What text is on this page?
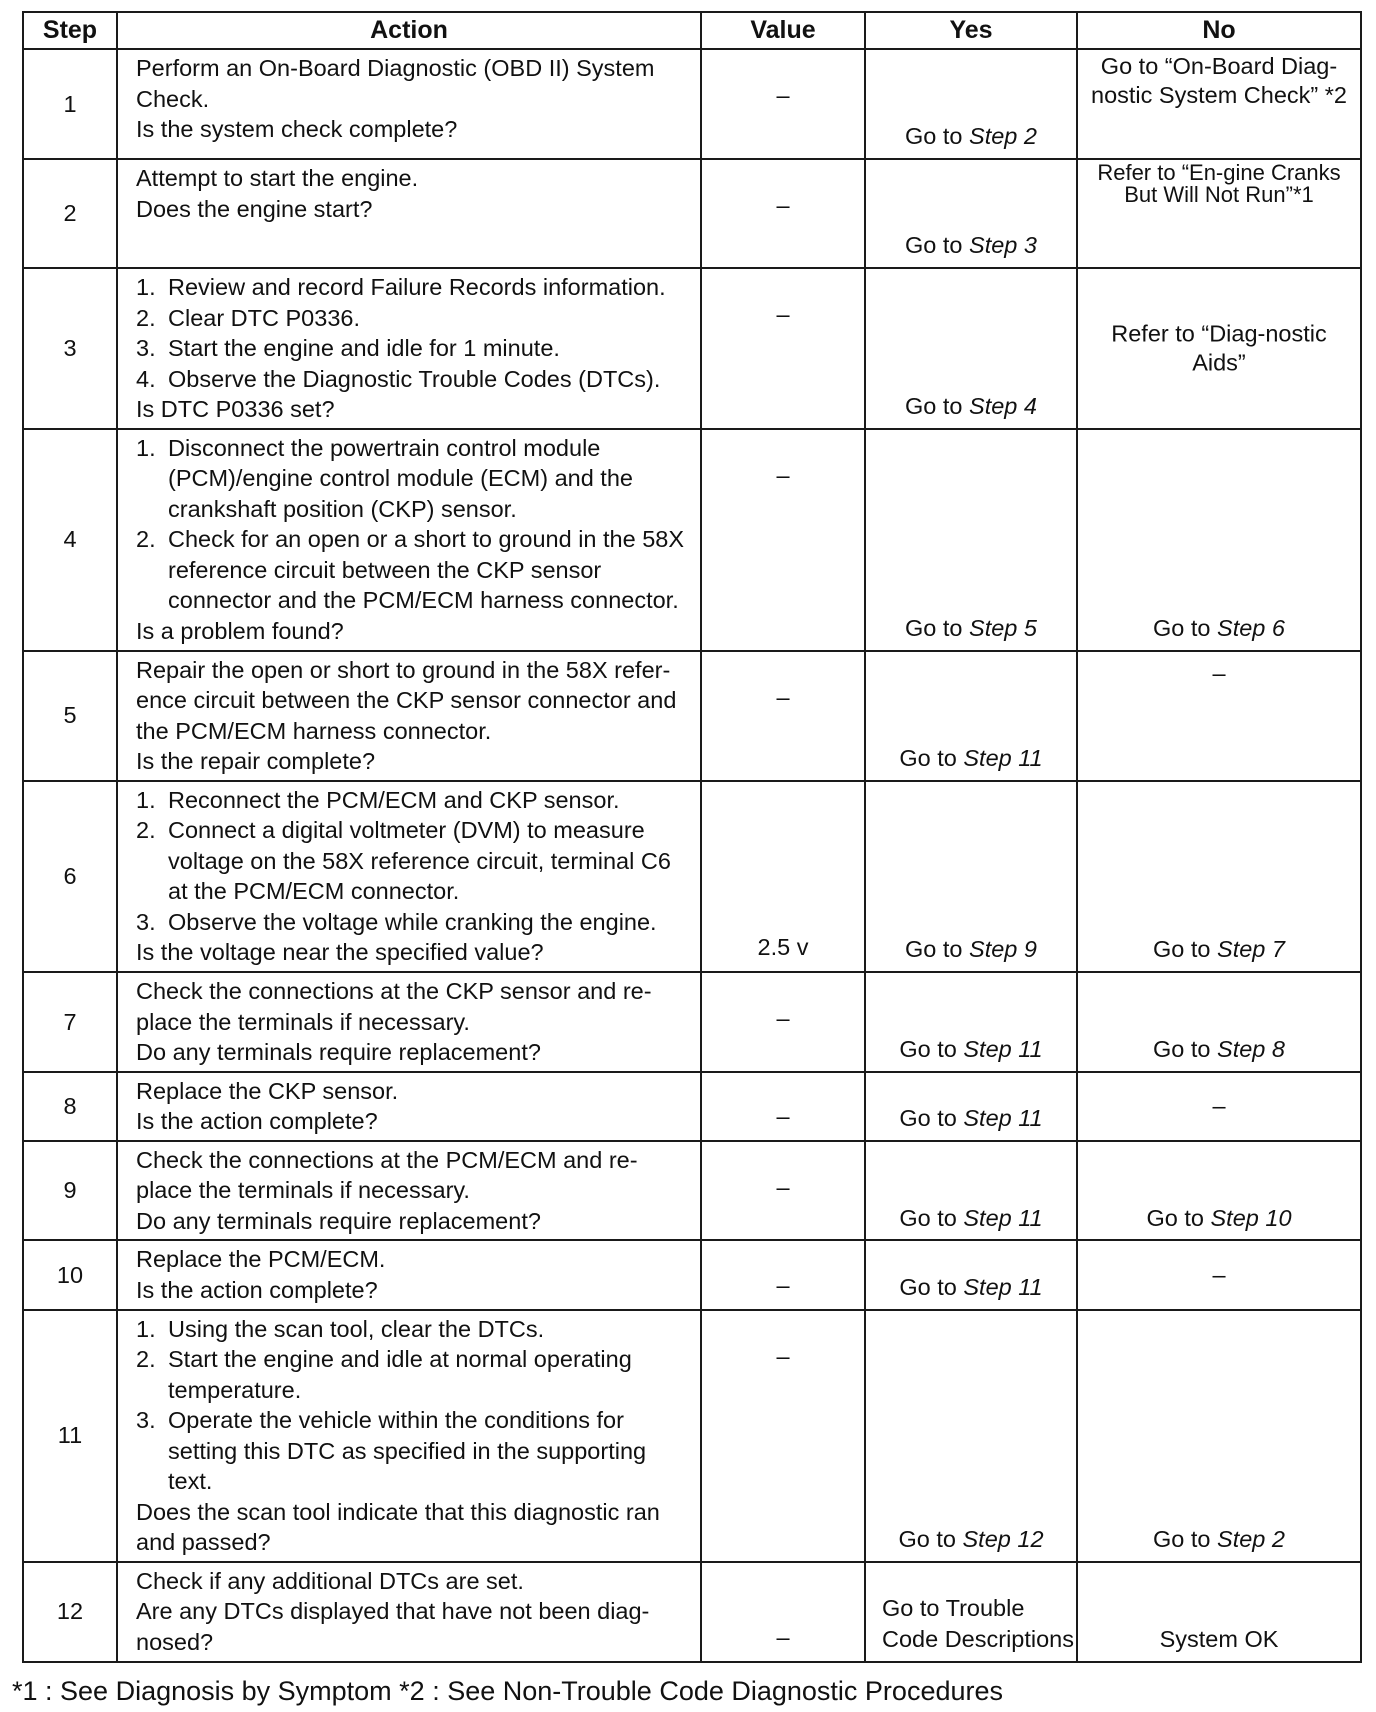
Step	Action	Value	Yes	No
1	Perform an On-Board Diagnostic (OBD II) System Check.
Is the system check complete?	–	Go to Step 2	Go to “On-Board Diag-nostic System Check” *2

2	Attempt to start the engine.
Does the engine start?	–	Go to Step 3	Refer to “En-gine Cranks But Will Not Run”*1

3	1. Review and record Failure Records information.
2. Clear DTC P0336.
3. Start the engine and idle for 1 minute.
4. Observe the Diagnostic Trouble Codes (DTCs).
Is DTC P0336 set?	–	Go to Step 4	Refer to “Diag-nostic Aids”

4	1. Disconnect the powertrain control module (PCM)/engine control module (ECM) and the crankshaft position (CKP) sensor.
2. Check for an open or a short to ground in the 58X reference circuit between the CKP sensor connector and the PCM/ECM harness connector.
Is a problem found?	–	Go to Step 5	Go to Step 6

5	Repair the open or short to ground in the 58X refer-ence circuit between the CKP sensor connector and the PCM/ECM harness connector.
Is the repair complete?	–	Go to Step 11	–

6	1. Reconnect the PCM/ECM and CKP sensor.
2. Connect a digital voltmeter (DVM) to measure voltage on the 58X reference circuit, terminal C6 at the PCM/ECM connector.
3. Observe the voltage while cranking the engine.
Is the voltage near the specified value?	2.5 v	Go to Step 9	Go to Step 7

7	Check the connections at the CKP sensor and re-place the terminals if necessary.
Do any terminals require replacement?	–	Go to Step 11	Go to Step 8

8	Replace the CKP sensor.
Is the action complete?	–	Go to Step 11	–

9	Check the connections at the PCM/ECM and re-place the terminals if necessary.
Do any terminals require replacement?	–	Go to Step 11	Go to Step 10

10	Replace the PCM/ECM.
Is the action complete?	–	Go to Step 11	–

11	1. Using the scan tool, clear the DTCs.
2. Start the engine and idle at normal operating temperature.
3. Operate the vehicle within the conditions for setting this DTC as specified in the supporting text.
Does the scan tool indicate that this diagnostic ran and passed?	–	Go to Step 12	Go to Step 2

12	Check if any additional DTCs are set.
Are any DTCs displayed that have not been diag-nosed?	–	Go to Trouble Code Descriptions	System OK
*1 : See Diagnosis by Symptom *2 : See Non-Trouble Code Diagnostic Procedures
